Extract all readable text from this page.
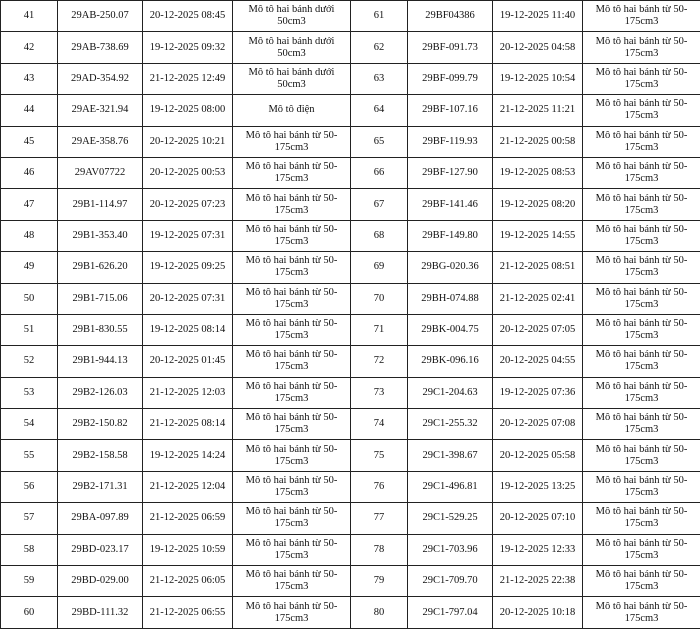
41	29AB-250.07	20-12-2025 08:45	Mô tô hai bánh dưới 50cm3	61	29BF04386	19-12-2025 11:40	Mô tô hai bánh từ 50-175cm3
42	29AB-738.69	19-12-2025 09:32	Mô tô hai bánh dưới 50cm3	62	29BF-091.73	20-12-2025 04:58	Mô tô hai bánh từ 50-175cm3
43	29AD-354.92	21-12-2025 12:49	Mô tô hai bánh dưới 50cm3	63	29BF-099.79	19-12-2025 10:54	Mô tô hai bánh từ 50-175cm3
44	29AE-321.94	19-12-2025 08:00	Mô tô điện	64	29BF-107.16	21-12-2025 11:21	Mô tô hai bánh từ 50-175cm3
45	29AE-358.76	20-12-2025 10:21	Mô tô hai bánh từ 50-175cm3	65	29BF-119.93	21-12-2025 00:58	Mô tô hai bánh từ 50-175cm3
46	29AV07722	20-12-2025 00:53	Mô tô hai bánh từ 50-175cm3	66	29BF-127.90	19-12-2025 08:53	Mô tô hai bánh từ 50-175cm3
47	29B1-114.97	20-12-2025 07:23	Mô tô hai bánh từ 50-175cm3	67	29BF-141.46	19-12-2025 08:20	Mô tô hai bánh từ 50-175cm3
48	29B1-353.40	19-12-2025 07:31	Mô tô hai bánh từ 50-175cm3	68	29BF-149.80	19-12-2025 14:55	Mô tô hai bánh từ 50-175cm3
49	29B1-626.20	19-12-2025 09:25	Mô tô hai bánh từ 50-175cm3	69	29BG-020.36	21-12-2025 08:51	Mô tô hai bánh từ 50-175cm3
50	29B1-715.06	20-12-2025 07:31	Mô tô hai bánh từ 50-175cm3	70	29BH-074.88	21-12-2025 02:41	Mô tô hai bánh từ 50-175cm3
51	29B1-830.55	19-12-2025 08:14	Mô tô hai bánh từ 50-175cm3	71	29BK-004.75	20-12-2025 07:05	Mô tô hai bánh từ 50-175cm3
52	29B1-944.13	20-12-2025 01:45	Mô tô hai bánh từ 50-175cm3	72	29BK-096.16	20-12-2025 04:55	Mô tô hai bánh từ 50-175cm3
53	29B2-126.03	21-12-2025 12:03	Mô tô hai bánh từ 50-175cm3	73	29C1-204.63	19-12-2025 07:36	Mô tô hai bánh từ 50-175cm3
54	29B2-150.82	21-12-2025 08:14	Mô tô hai bánh từ 50-175cm3	74	29C1-255.32	20-12-2025 07:08	Mô tô hai bánh từ 50-175cm3
55	29B2-158.58	19-12-2025 14:24	Mô tô hai bánh từ 50-175cm3	75	29C1-398.67	20-12-2025 05:58	Mô tô hai bánh từ 50-175cm3
56	29B2-171.31	21-12-2025 12:04	Mô tô hai bánh từ 50-175cm3	76	29C1-496.81	19-12-2025 13:25	Mô tô hai bánh từ 50-175cm3
57	29BA-097.89	21-12-2025 06:59	Mô tô hai bánh từ 50-175cm3	77	29C1-529.25	20-12-2025 07:10	Mô tô hai bánh từ 50-175cm3
58	29BD-023.17	19-12-2025 10:59	Mô tô hai bánh từ 50-175cm3	78	29C1-703.96	19-12-2025 12:33	Mô tô hai bánh từ 50-175cm3
59	29BD-029.00	21-12-2025 06:05	Mô tô hai bánh từ 50-175cm3	79	29C1-709.70	21-12-2025 22:38	Mô tô hai bánh từ 50-175cm3
60	29BD-111.32	21-12-2025 06:55	Mô tô hai bánh từ 50-175cm3	80	29C1-797.04	20-12-2025 10:18	Mô tô hai bánh từ 50-175cm3
